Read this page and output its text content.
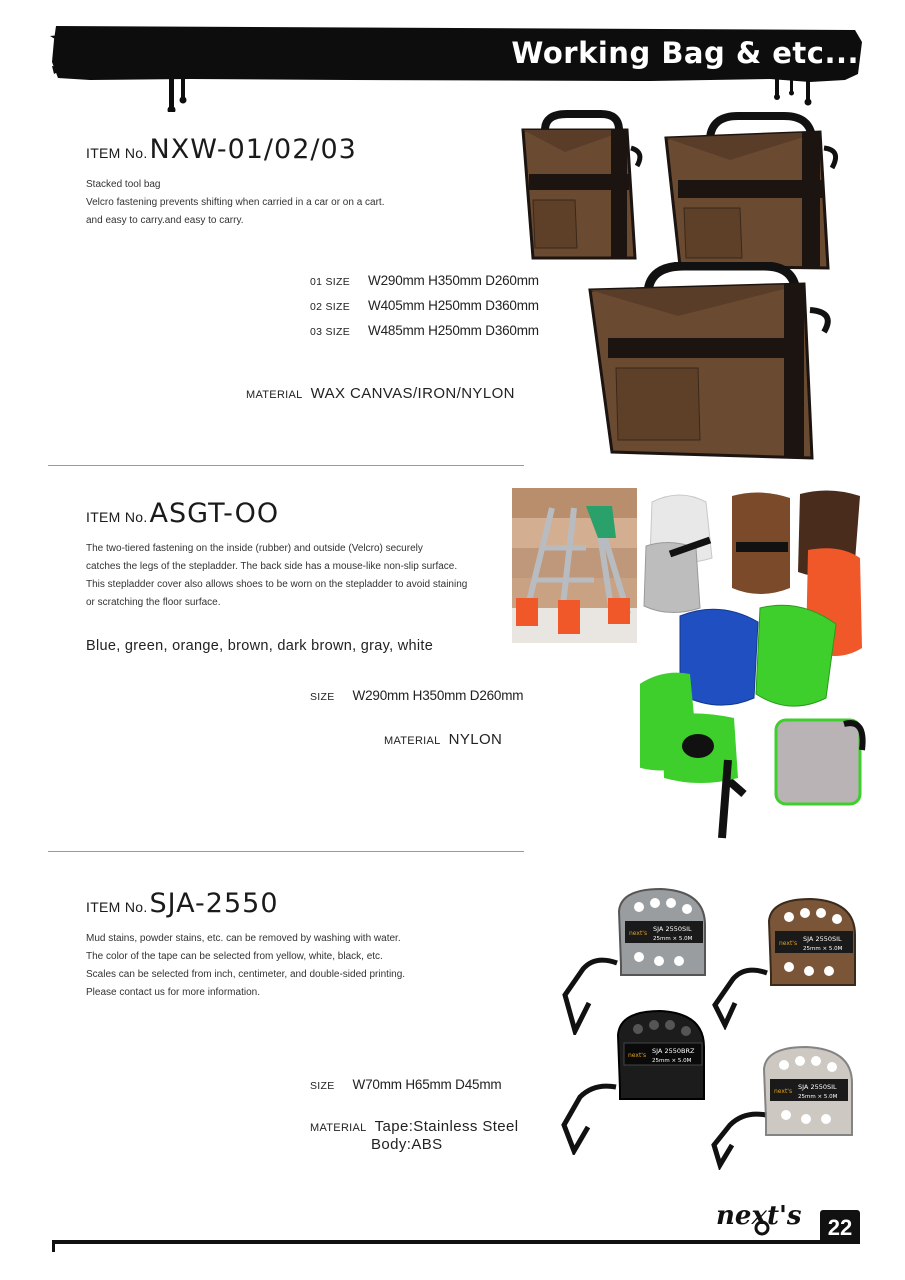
Working Bag & etc...
ITEM No. NXW-01/02/03
Stacked tool bag
Velcro fastening prevents shifting when carried in a car or on a cart.
and easy to carry.and easy to carry.
01 SIZE W290mm H350mm D260mm
02 SIZE W405mm H250mm D360mm
03 SIZE W485mm H250mm D360mm
MATERIAL WAX CANVAS/IRON/NYLON
ITEM No. ASGT-OO
The two-tiered fastening on the inside (rubber) and outside (Velcro) securely
catches the legs of the stepladder. The back side has a mouse-like non-slip surface.
This stepladder cover also allows shoes to be worn on the stepladder to avoid staining
or scratching the floor surface.
Blue, green, orange, brown, dark brown, gray, white
SIZE W290mm H350mm D260mm
MATERIAL NYLON
ITEM No. SJA-2550
Mud stains, powder stains, etc. can be removed by washing with water.
The color of the tape can be selected from yellow, white, black, etc.
Scales can be selected from inch, centimeter, and double-sided printing.
Please contact us for more information.
SIZE W70mm H65mm D45mm
MATERIAL Tape:Stainless Steel
Body:ABS
next's
SJA 2550SIL
25mm × 5.0M
next's
SJA 2550SIL
25mm × 5.0M
next's
SJA 2550BRZ
25mm × 5.0M
next's
SJA 2550SIL
25mm × 5.0M
next's	22
